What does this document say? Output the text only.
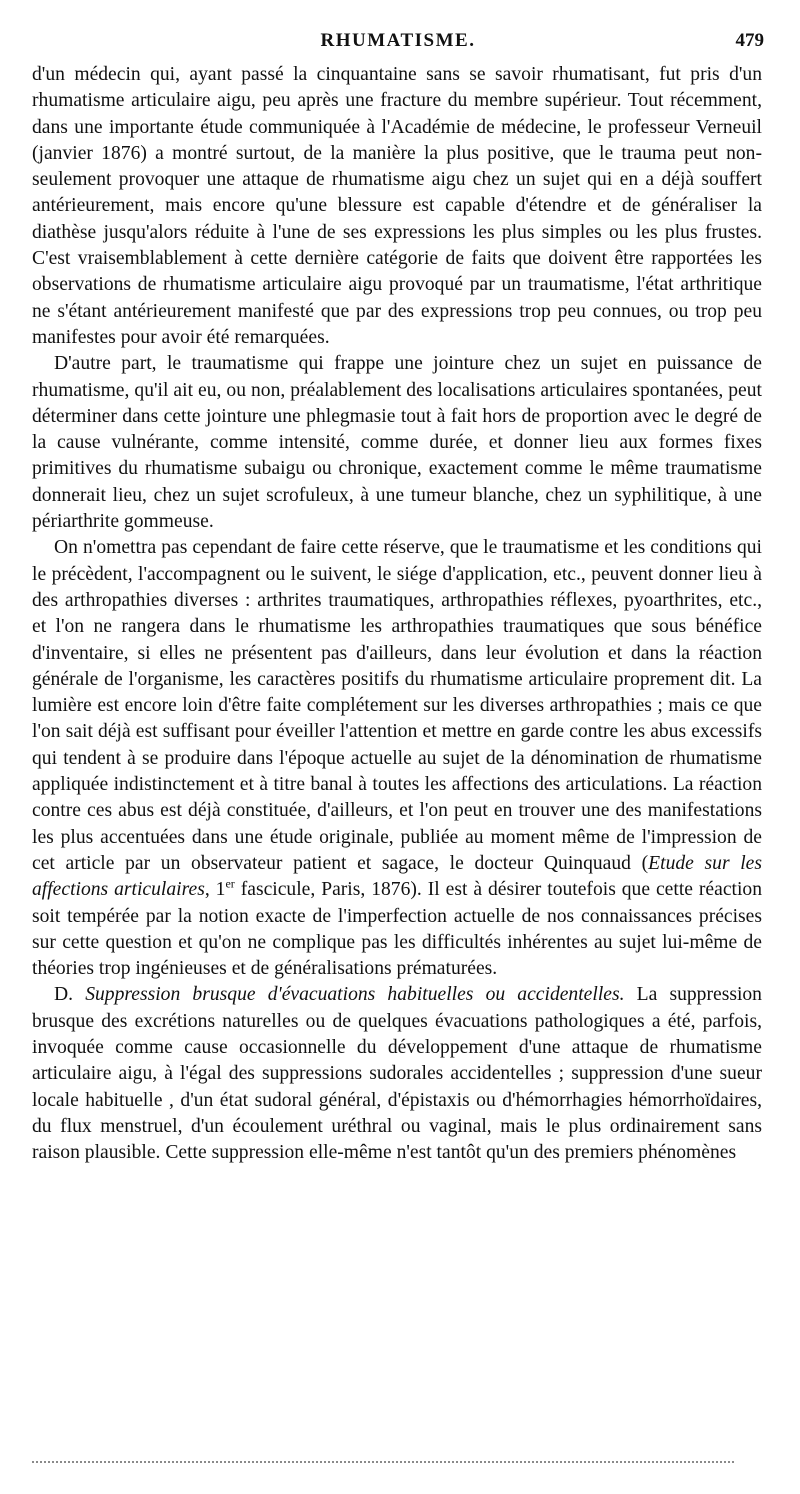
RHUMATISME.	479

d'un médecin qui, ayant passé la cinquantaine sans se savoir rhumatisant, fut pris d'un rhumatisme articulaire aigu, peu après une fracture du membre supérieur. Tout récemment, dans une importante étude communiquée à l'Académie de médecine, le professeur Verneuil (janvier 1876) a montré surtout, de la manière la plus positive, que le trauma peut non-seulement provoquer une attaque de rhumatisme aigu chez un sujet qui en a déjà souffert antérieurement, mais encore qu'une blessure est capable d'étendre et de généraliser la diathèse jusqu'alors réduite à l'une de ses expressions les plus simples ou les plus frustes. C'est vraisemblablement à cette dernière catégorie de faits que doivent être rapportées les observations de rhumatisme articulaire aigu provoqué par un traumatisme, l'état arthritique ne s'étant antérieurement manifesté que par des expressions trop peu connues, ou trop peu manifestes pour avoir été remarquées.

D'autre part, le traumatisme qui frappe une jointure chez un sujet en puissance de rhumatisme, qu'il ait eu, ou non, préalablement des localisations articulaires spontanées, peut déterminer dans cette jointure une phlegmasie tout à fait hors de proportion avec le degré de la cause vulnérante, comme intensité, comme durée, et donner lieu aux formes fixes primitives du rhumatisme subaigu ou chronique, exactement comme le même traumatisme donnerait lieu, chez un sujet scrofuleux, à une tumeur blanche, chez un syphilitique, à une périarthrite gommeuse.

On n'omettra pas cependant de faire cette réserve, que le traumatisme et les conditions qui le précèdent, l'accompagnent ou le suivent, le siége d'application, etc., peuvent donner lieu à des arthropathies diverses : arthrites traumatiques, arthropathies réflexes, pyoarthrites, etc., et l'on ne rangera dans le rhumatisme les arthropathies traumatiques que sous bénéfice d'inventaire, si elles ne présentent pas d'ailleurs, dans leur évolution et dans la réaction générale de l'organisme, les caractères positifs du rhumatisme articulaire proprement dit. La lumière est encore loin d'être faite complétement sur les diverses arthropathies ; mais ce que l'on sait déjà est suffisant pour éveiller l'attention et mettre en garde contre les abus excessifs qui tendent à se produire dans l'époque actuelle au sujet de la dénomination de rhumatisme appliquée indistinctement et à titre banal à toutes les affections des articulations. La réaction contre ces abus est déjà constituée, d'ailleurs, et l'on peut en trouver une des manifestations les plus accentuées dans une étude originale, publiée au moment même de l'impression de cet article par un observateur patient et sagace, le docteur Quinquaud (Etude sur les affections articulaires, 1er fascicule, Paris, 1876). Il est à désirer toutefois que cette réaction soit tempérée par la notion exacte de l'imperfection actuelle de nos connaissances précises sur cette question et qu'on ne complique pas les difficultés inhérentes au sujet lui-même de théories trop ingénieuses et de généralisations prématurées.

D. Suppression brusque d'évacuations habituelles ou accidentelles. La suppression brusque des excrétions naturelles ou de quelques évacuations pathologiques a été, parfois, invoquée comme cause occasionnelle du développement d'une attaque de rhumatisme articulaire aigu, à l'égal des suppressions sudorales accidentelles ; suppression d'une sueur locale habituelle , d'un état sudoral général, d'épistaxis ou d'hémorrhagies hémorrhoïdaires, du flux menstruel, d'un écoulement uréthral ou vaginal, mais le plus ordinairement sans raison plausible. Cette suppression elle-même n'est tantôt qu'un des premiers phénomènes
